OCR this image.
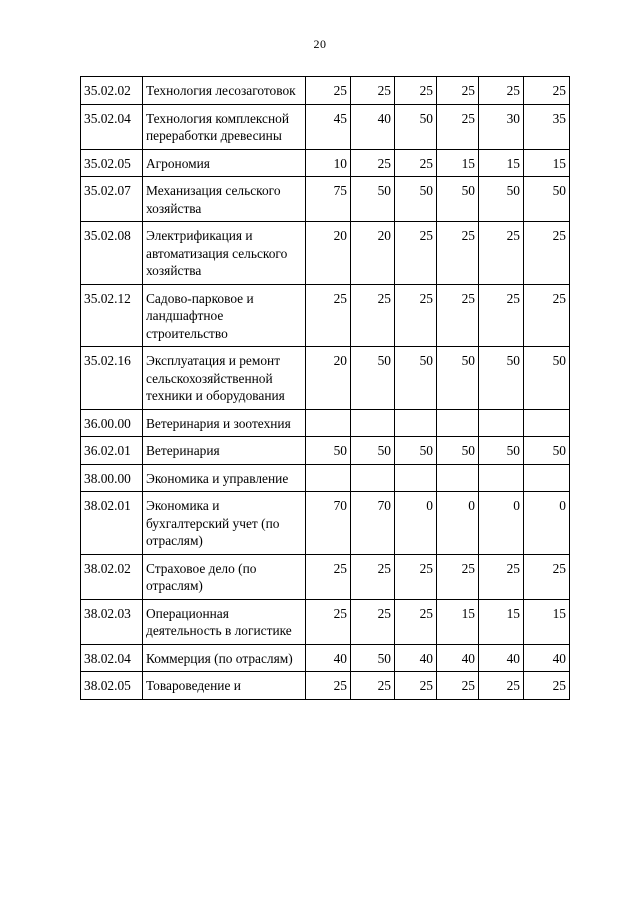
20
35.02.02	Технология лесозаготовок	25	25	25	25	25	25
35.02.04	Технология комплексной переработки древесины	45	40	50	25	30	35
35.02.05	Агрономия	10	25	25	15	15	15
35.02.07	Механизация сельского хозяйства	75	50	50	50	50	50
35.02.08	Электрификация и автоматизация сельского хозяйства	20	20	25	25	25	25
35.02.12	Садово-парковое и ландшафтное строительство	25	25	25	25	25	25
35.02.16	Эксплуатация и ремонт сельскохозяйственной техники и оборудования	20	50	50	50	50	50
36.00.00	Ветеринария и зоотехния						
36.02.01	Ветеринария	50	50	50	50	50	50
38.00.00	Экономика и управление						
38.02.01	Экономика и бухгалтерский учет (по отраслям)	70	70	0	0	0	0
38.02.02	Страховое дело (по отраслям)	25	25	25	25	25	25
38.02.03	Операционная деятельность в логистике	25	25	25	15	15	15
38.02.04	Коммерция (по отраслям)	40	50	40	40	40	40
38.02.05	Товароведение и	25	25	25	25	25	25
